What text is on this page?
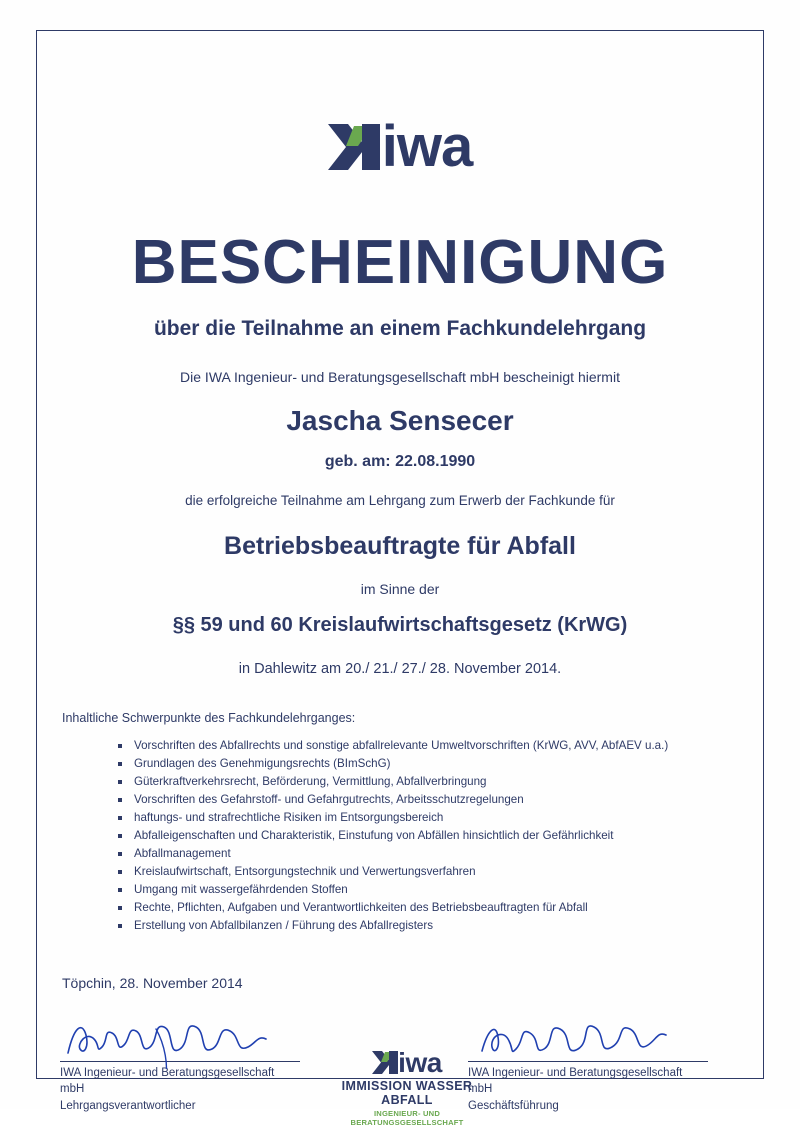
iwa
BESCHEINIGUNG
über die Teilnahme an einem Fachkundelehrgang
Die IWA Ingenieur- und Beratungsgesellschaft mbH bescheinigt hiermit
Jascha Sensecer
geb. am: 22.08.1990
die erfolgreiche Teilnahme am Lehrgang zum Erwerb der Fachkunde für
Betriebsbeauftragte für Abfall
im Sinne der
§§ 59 und 60 Kreislaufwirtschaftsgesetz (KrWG)
in Dahlewitz am 20./ 21./ 27./ 28. November 2014.
Inhaltliche Schwerpunkte des Fachkundelehrganges:
Vorschriften des Abfallrechts und sonstige abfallrelevante Umweltvorschriften (KrWG, AVV, AbfAEV u.a.)
Grundlagen des Genehmigungsrechts (BImSchG)
Güterkraftverkehrsrecht, Beförderung, Vermittlung, Abfallverbringung
Vorschriften des Gefahrstoff- und Gefahrgutrechts, Arbeitsschutzregelungen
haftungs- und strafrechtliche Risiken im Entsorgungsbereich
Abfalleigenschaften und Charakteristik, Einstufung von Abfällen hinsichtlich der Gefährlichkeit
Abfallmanagement
Kreislaufwirtschaft, Entsorgungstechnik und Verwertungsverfahren
Umgang mit wassergefährdenden Stoffen
Rechte, Pflichten, Aufgaben und Verantwortlichkeiten des Betriebsbeauftragten für Abfall
Erstellung von Abfallbilanzen / Führung des Abfallregisters
Töpchin, 28. November 2014
IWA Ingenieur- und Beratungsgesellschaft mbH
Lehrgangsverantwortlicher
iwa
IMMISSION WASSER ABFALL
INGENIEUR- UND BERATUNGSGESELLSCHAFT
IWA Ingenieur- und Beratungsgesellschaft mbH
Geschäftsführung
